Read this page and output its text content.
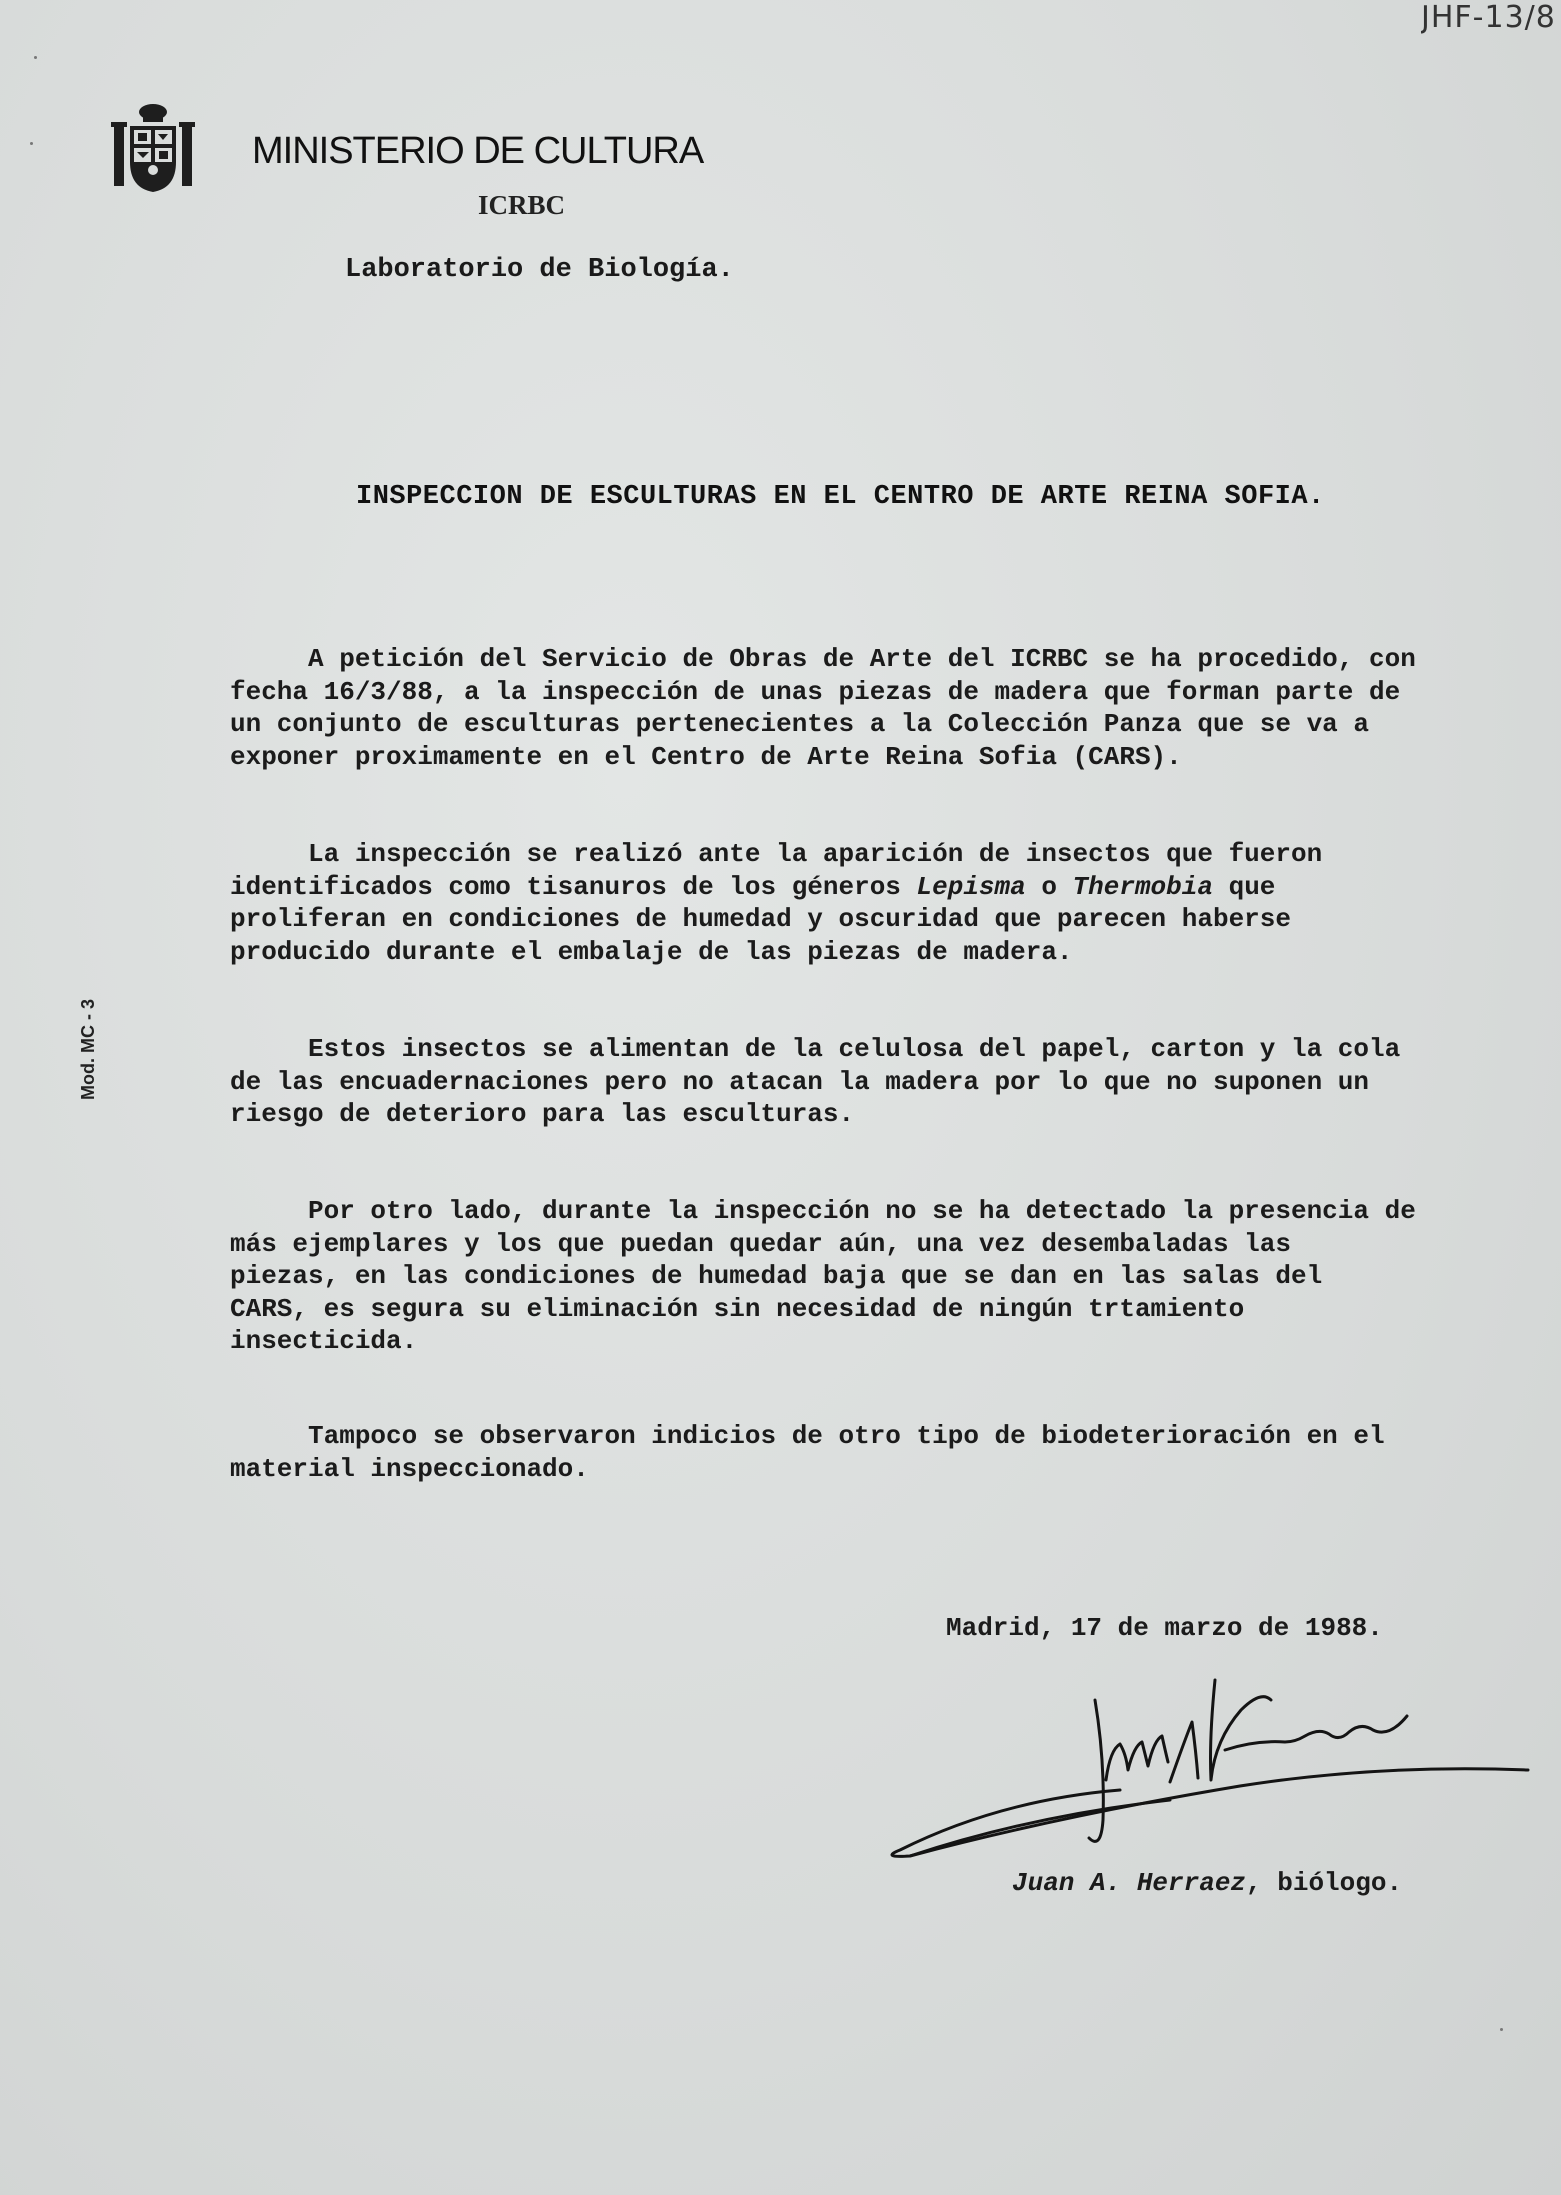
JHF-13/8
MINISTERIO DE CULTURA
ICRBC
Laboratorio de Biología.
Mod. MC - 3
INSPECCION DE ESCULTURAS EN EL CENTRO DE ARTE REINA SOFIA.
A petición del Servicio de Obras de Arte del ICRBC se ha procedido, con
fecha 16/3/88, a la inspección de unas piezas de madera que forman parte de
un conjunto de esculturas pertenecientes a la Colección Panza que se va a
exponer proximamente en el Centro de Arte Reina Sofia (CARS).
La inspección se realizó ante la aparición de insectos que fueron
identificados como tisanuros de los géneros Lepisma o Thermobia que
proliferan en condiciones de humedad y oscuridad que parecen haberse
producido durante el embalaje de las piezas de madera.
Estos insectos se alimentan de la celulosa del papel, carton y la cola
de las encuadernaciones pero no atacan la madera por lo que no suponen un
riesgo de deterioro para las esculturas.
Por otro lado, durante la inspección no se ha detectado la presencia de
más ejemplares y los que puedan quedar aún, una vez desembaladas las
piezas, en las condiciones de humedad baja que se dan en las salas del
CARS, es segura su eliminación sin necesidad de ningún trtamiento
insecticida.
Tampoco se observaron indicios de otro tipo de biodeterioración en el
material inspeccionado.
Madrid, 17 de marzo de 1988.
Juan A. Herraez, biólogo.
